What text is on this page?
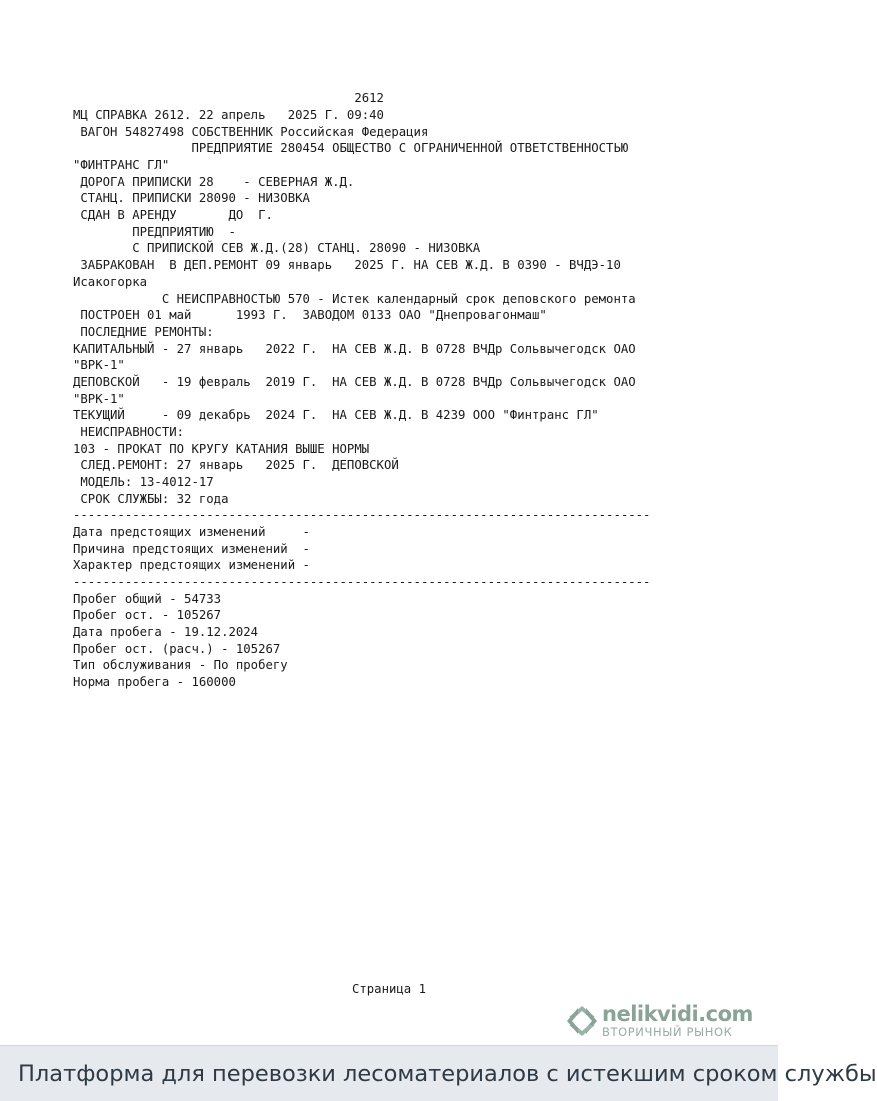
2612
МЦ СПРАВКА 2612. 22 апрель   2025 Г. 09:40
ВАГОН 54827498 СОБСТВЕННИК Российская Федерация
ПРЕДПРИЯТИЕ 280454 ОБЩЕСТВО С ОГРАНИЧЕННОЙ ОТВЕТСТВЕННОСТЬЮ
"ФИНТРАНС ГЛ"
ДОРОГА ПРИПИСКИ 28    - СЕВЕРНАЯ Ж.Д.
СТАНЦ. ПРИПИСКИ 28090 - НИЗОВКА
СДАН В АРЕНДУ       ДО  Г.
ПРЕДПРИЯТИЮ  -
С ПРИПИСКОЙ СЕВ Ж.Д.(28) СТАНЦ. 28090 - НИЗОВКА
ЗАБРАКОВАН  В ДЕП.РЕМОНТ 09 январь   2025 Г. НА СЕВ Ж.Д. В 0390 - ВЧДЭ-10
Исакогорка
С НЕИСПРАВНОСТЬЮ 570 - Истек календарный срок деповского ремонта
ПОСТРОЕН 01 май      1993 Г.  ЗАВОДОМ 0133 ОАО "Днепровагонмаш"
ПОСЛЕДНИЕ РЕМОНТЫ:
КАПИТАЛЬНЫЙ - 27 январь   2022 Г.  НА СЕВ Ж.Д. В 0728 ВЧДр Сольвычегодск ОАО
"ВРК-1"
ДЕПОВСКОЙ   - 19 февраль  2019 Г.  НА СЕВ Ж.Д. В 0728 ВЧДр Сольвычегодск ОАО
"ВРК-1"
ТЕКУЩИЙ     - 09 декабрь  2024 Г.  НА СЕВ Ж.Д. В 4239 ООО "Финтранс ГЛ"
НЕИСПРАВНОСТИ:
103 - ПРОКАТ ПО КРУГУ КАТАНИЯ ВЫШЕ НОРМЫ
СЛЕД.РЕМОНТ: 27 январь   2025 Г.  ДЕПОВСКОЙ
МОДЕЛЬ: 13-4012-17
СРОК СЛУЖБЫ: 32 года
------------------------------------------------------------------------------
Дата предстоящих изменений     -
Причина предстоящих изменений  -
Характер предстоящих изменений -
------------------------------------------------------------------------------
Пробег общий - 54733
Пробег ост. - 105267
Дата пробега - 19.12.2024
Пробег ост. (расч.) - 105267
Тип обслуживания - По пробегу
Норма пробега - 160000
Страница 1
nelikvidi.com
ВТОРИЧНЫЙ РЫНОК
Платформа для перевозки лесоматериалов с истекшим сроком службы
